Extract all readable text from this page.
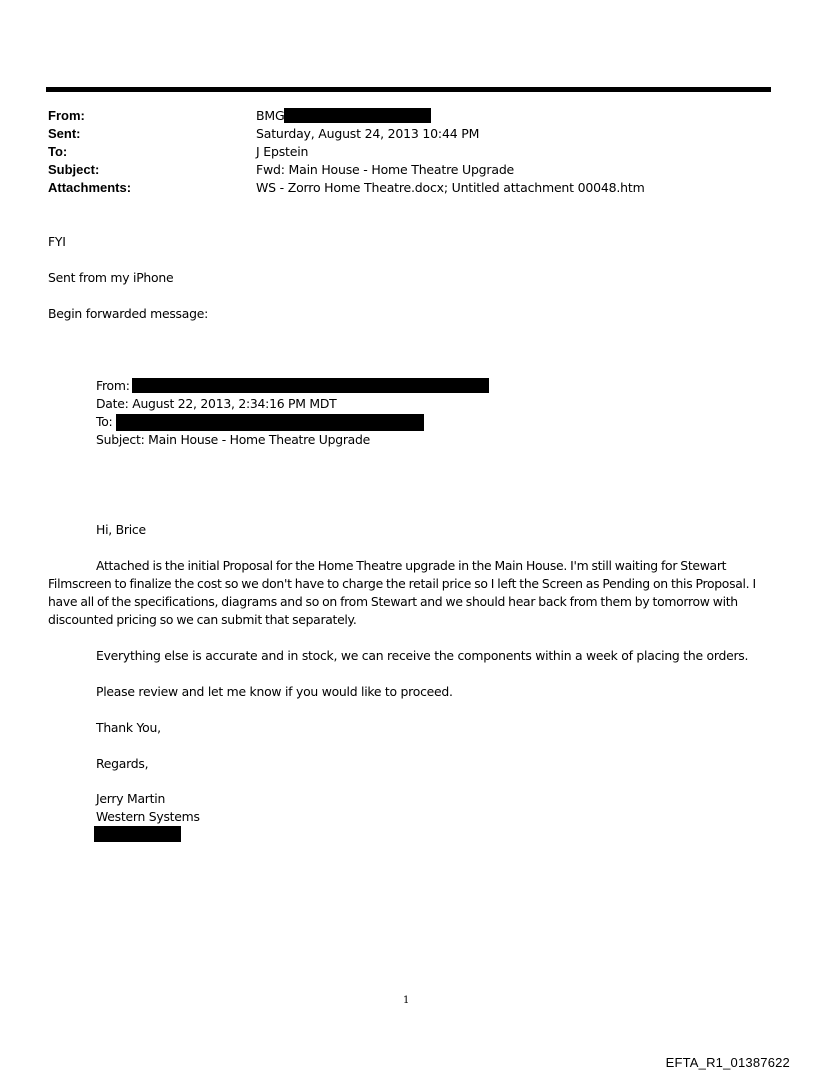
From:	BMG
Sent:	Saturday, August 24, 2013 10:44 PM
To:	J Epstein
Subject:	Fwd: Main House - Home Theatre Upgrade
Attachments:	WS - Zorro Home Theatre.docx; Untitled attachment 00048.htm
FYI
Sent from my iPhone
Begin forwarded message:
From:
Date: August 22, 2013, 2:34:16 PM MDT
To:
Subject: Main House - Home Theatre Upgrade
Hi, Brice
Attached is the initial Proposal for the Home Theatre upgrade in the Main House. I'm still waiting for Stewart Filmscreen to finalize the cost so we don't have to charge the retail price so I left the Screen as Pending on this Proposal. I have all of the specifications, diagrams and so on from Stewart and we should hear back from them by tomorrow with discounted pricing so we can submit that separately.
Everything else is accurate and in stock, we can receive the components within a week of placing the orders.
Please review and let me know if you would like to proceed.
Thank You,
Regards,
Jerry Martin
Western Systems
1
EFTA_R1_01387622
